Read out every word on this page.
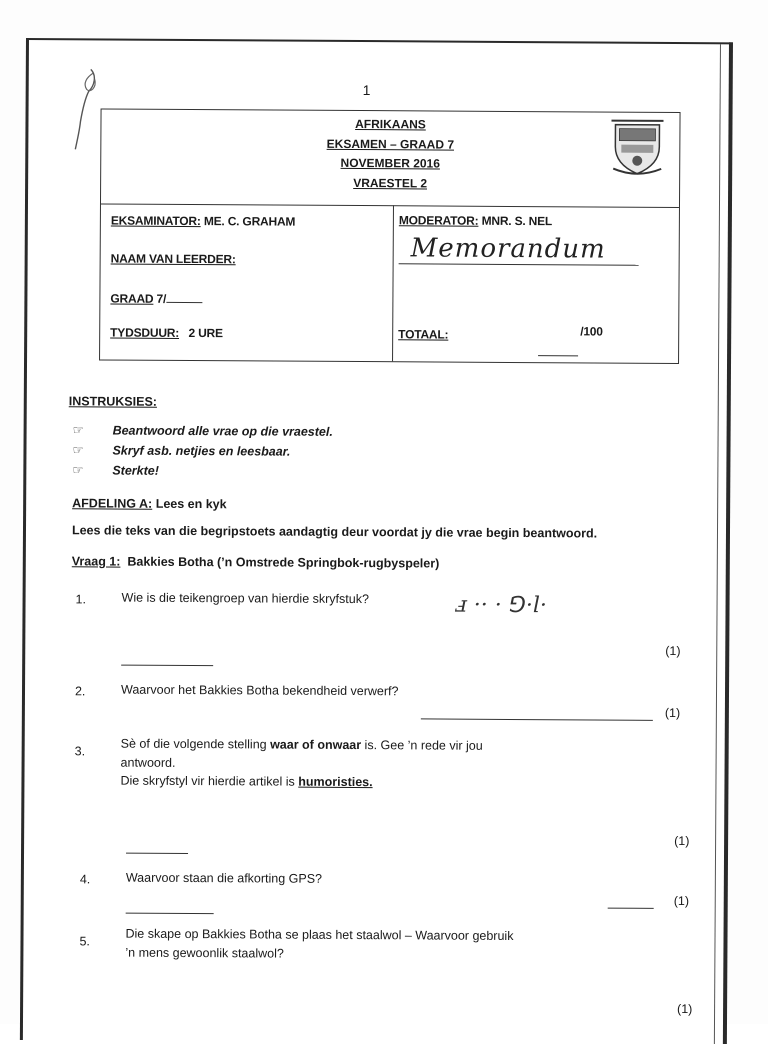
1
AFRIKAANS
EKSAMEN – GRAAD 7
NOVEMBER 2016
VRAESTEL 2
EKSAMINATOR: ME. C. GRAHAM
NAAM VAN LEERDER:
GRAAD 7/
TYDSDUUR: 2 URE
MODERATOR: MNR. S. NEL
Memorandum
TOTAAL:	/100
INSTRUKSIES:
☞ Beantwoord alle vrae op die vraestel.
☞ Skryf asb. netjies en leesbaar.
☞ Sterkte!
AFDELING A: Lees en kyk
Lees die teks van die begripstoets aandagtig deur voordat jy die vrae begin beantwoord.
Vraag 1: Bakkies Botha (’n Omstrede Springbok-rugbyspeler)
1.	Wie is die teikengroep van hierdie skryfstuk?	ⅎ ·· · ⅁·ⅼ·
(1)
2.	Waarvoor het Bakkies Botha bekendheid verwerf?
(1)
3.	Sè of die volgende stelling waar of onwaar is. Gee ’n rede vir jou
antwoord.
Die skryfstyl vir hierdie artikel is humoristies.
(1)
4.	Waarvoor staan die afkorting GPS?
(1)
5.	Die skape op Bakkies Botha se plaas het staalwol – Waarvoor gebruik
’n mens gewoonlik staalwol?
(1)
